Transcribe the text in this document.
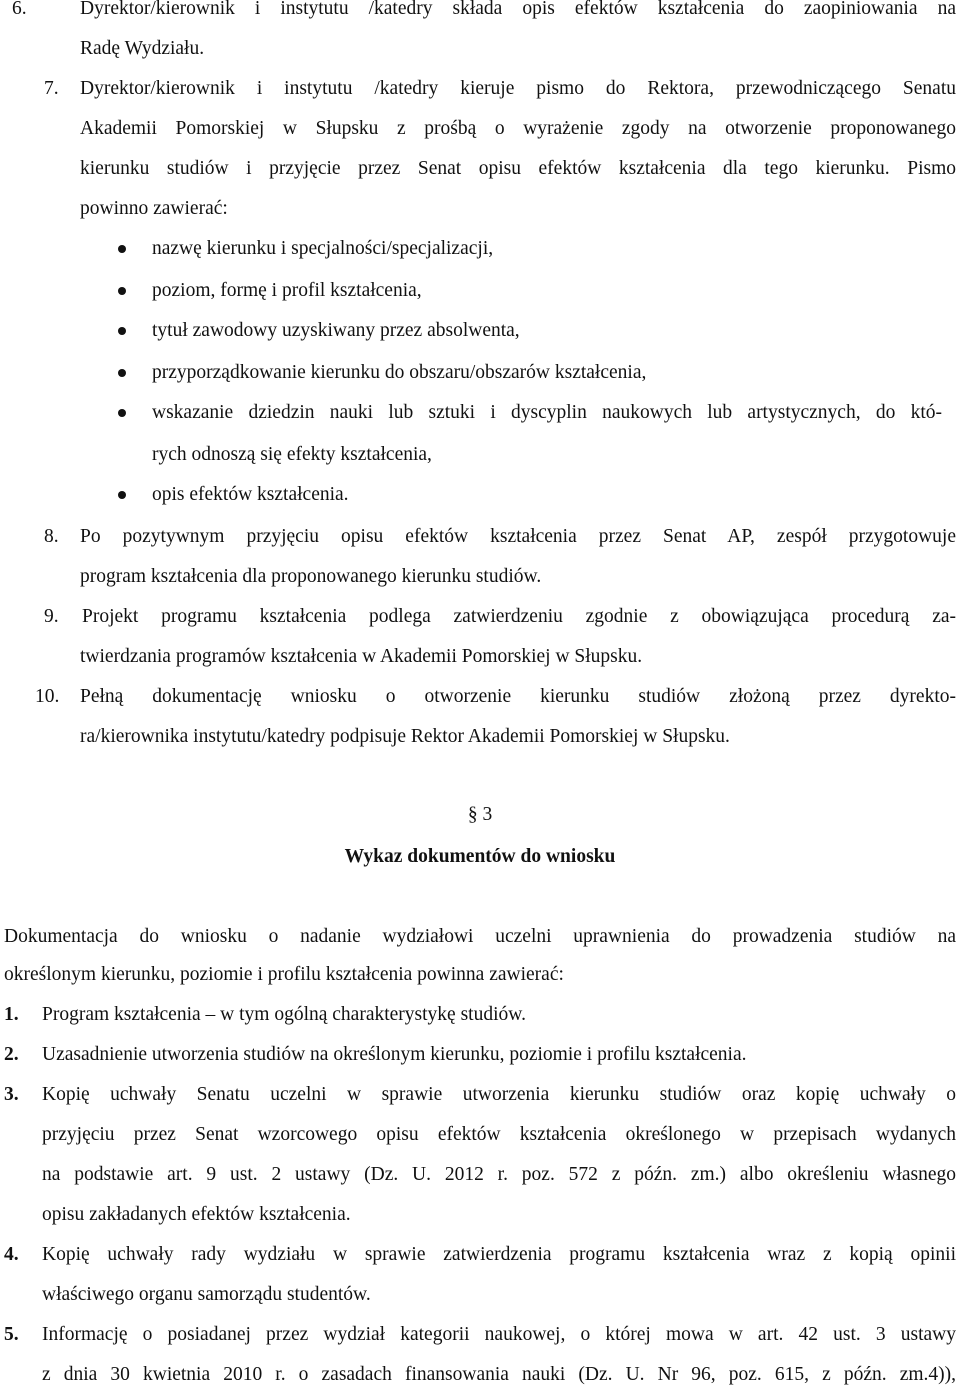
6.	Dyrektor/kierownik i instytutu /katedry składa opis efektów kształcenia do zaopiniowania na
Radę Wydziału.
7. Dyrektor/kierownik i instytutu /katedry kieruje pismo do Rektora, przewodniczącego Senatu
Akademii Pomorskiej w Słupsku z prośbą o wyrażenie zgody na otworzenie proponowanego
kierunku studiów i przyjęcie przez Senat opisu efektów kształcenia dla tego kierunku. Pismo
powinno zawierać:
nazwę kierunku i specjalności/specjalizacji,
poziom, formę i profil kształcenia,
tytuł zawodowy uzyskiwany przez absolwenta,
przyporządkowanie kierunku do obszaru/obszarów kształcenia,
wskazanie dziedzin nauki lub sztuki i dyscyplin naukowych lub artystycznych, do któ-
rych odnoszą się efekty kształcenia,
opis efektów kształcenia.
8. Po pozytywnym przyjęciu opisu efektów kształcenia przez Senat AP, zespół przygotowuje
program kształcenia dla proponowanego kierunku studiów.
9. Projekt programu kształcenia podlega zatwierdzeniu zgodnie z obowiązująca procedurą za-
twierdzania programów kształcenia w Akademii Pomorskiej w Słupsku.
10. Pełną dokumentację wniosku o otworzenie kierunku studiów złożoną przez dyrekto-
ra/kierownika instytutu/katedry podpisuje Rektor Akademii Pomorskiej w Słupsku.
§ 3
Wykaz dokumentów do wniosku
Dokumentacja do wniosku o nadanie wydziałowi uczelni uprawnienia do prowadzenia studiów na
określonym kierunku, poziomie i profilu kształcenia powinna zawierać:
1. Program kształcenia – w tym ogólną charakterystykę studiów.
2. Uzasadnienie utworzenia studiów na określonym kierunku, poziomie i profilu kształcenia.
3. Kopię uchwały Senatu uczelni w sprawie utworzenia kierunku studiów oraz kopię uchwały o
przyjęciu przez Senat wzorcowego opisu efektów kształcenia określonego w przepisach wydanych
na podstawie art. 9 ust. 2 ustawy (Dz. U. 2012 r. poz. 572 z późn. zm.) albo określeniu własnego
opisu zakładanych efektów kształcenia.
4. Kopię uchwały rady wydziału w sprawie zatwierdzenia programu kształcenia wraz z kopią opinii
właściwego organu samorządu studentów.
5. Informację o posiadanej przez wydział kategorii naukowej, o której mowa w art. 42 ust. 3 ustawy
z dnia 30 kwietnia 2010 r. o zasadach finansowania nauki (Dz. U. Nr 96, poz. 615, z późn. zm.4)),
